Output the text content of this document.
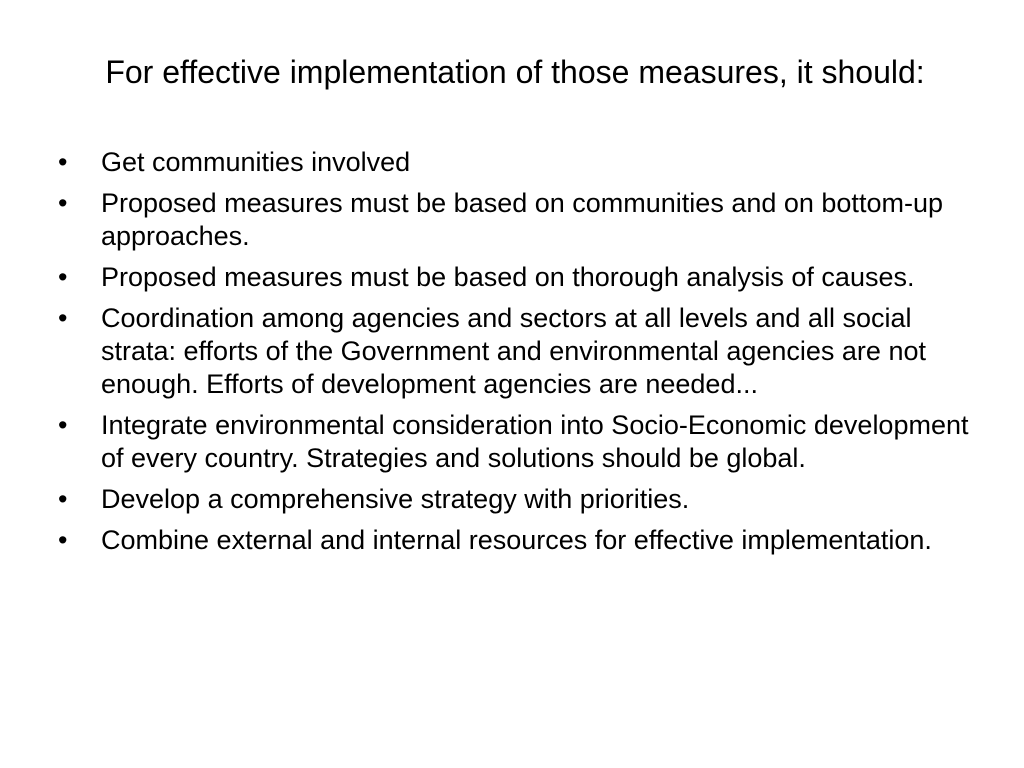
For effective implementation of those measures, it should:
• Get communities involved
• Proposed measures must be based on communities and on bottom-up approaches.
• Proposed measures must be based on thorough analysis of causes.
• Coordination among agencies and sectors at all levels and all social strata: efforts of the Government and environmental agencies are not enough. Efforts of development agencies are needed...
• Integrate environmental consideration into Socio-Economic development of every country. Strategies and solutions should be global.
• Develop a comprehensive strategy with priorities.
• Combine external and internal resources for effective implementation.
